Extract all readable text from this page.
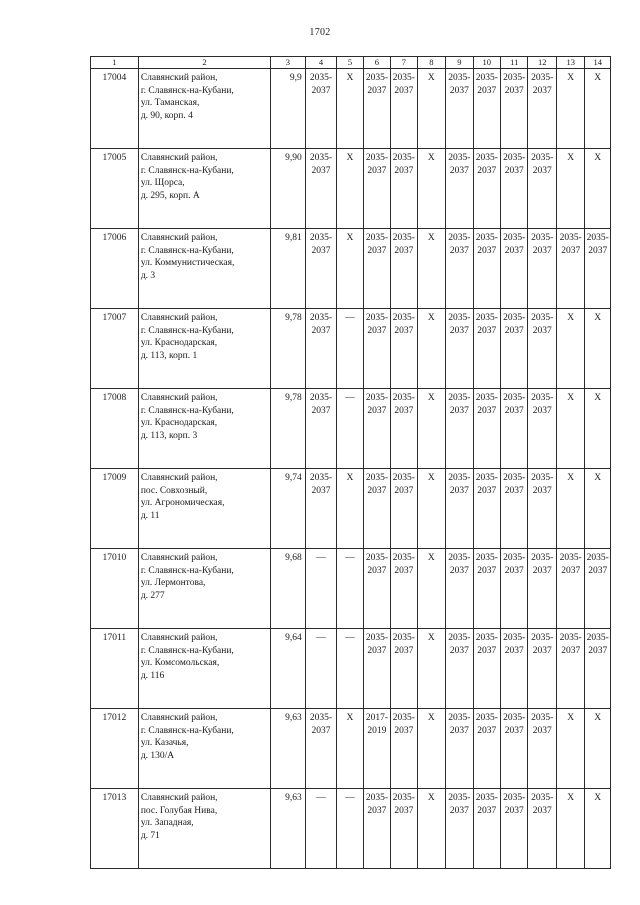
1702
1	2	3	4	5	6	7	8	9	10	11	12	13	14
17004	Славянский район,
г. Славянск-на-Кубани,
ул. Таманская,
д. 90, корп. 4	9,9	2035-
2037	X	2035-
2037	2035-
2037	X	2035-
2037	2035-
2037	2035-
2037	2035-
2037	X	X
17005	Славянский район,
г. Славянск-на-Кубани,
ул. Щорса,
д. 295, корп. А	9,90	2035-
2037	X	2035-
2037	2035-
2037	X	2035-
2037	2035-
2037	2035-
2037	2035-
2037	X	X
17006	Славянский район,
г. Славянск-на-Кубани,
ул. Коммунистическая,
д. 3	9,81	2035-
2037	X	2035-
2037	2035-
2037	X	2035-
2037	2035-
2037	2035-
2037	2035-
2037	2035-
2037	2035-
2037

17007	Славянский район,
г. Славянск-на-Кубани,
ул. Краснодарская,
д. 113, корп. 1	9,78	2035-
2037	—	2035-
2037	2035-
2037	X	2035-
2037	2035-
2037	2035-
2037	2035-
2037	X	X
17008	Славянский район,
г. Славянск-на-Кубани,
ул. Краснодарская,
д. 113, корп. 3	9,78	2035-
2037	—	2035-
2037	2035-
2037	X	2035-
2037	2035-
2037	2035-
2037	2035-
2037	X	X
17009	Славянский район,
пос. Совхозный,
ул. Агрономическая,
д. 11	9,74	2035-
2037	X	2035-
2037	2035-
2037	X	2035-
2037	2035-
2037	2035-
2037	2035-
2037	X	X
17010	Славянский район,
г. Славянск-на-Кубани,
ул. Лермонтова,
д. 277	9,68	—	—	2035-
2037	2035-
2037	X	2035-
2037	2035-
2037	2035-
2037	2035-
2037	2035-
2037	2035-
2037

17011	Славянский район,
г. Славянск-на-Кубани,
ул. Комсомольская,
д. 116	9,64	—	—	2035-
2037	2035-
2037	X	2035-
2037	2035-
2037	2035-
2037	2035-
2037	2035-
2037	2035-
2037

17012	Славянский район,
г. Славянск-на-Кубани,
ул. Казачья,
д. 130/А	9,63	2035-
2037	X	2017-
2019	2035-
2037	X	2035-
2037	2035-
2037	2035-
2037	2035-
2037	X	X
17013	Славянский район,
пос. Голубая Нива,
ул. Западная,
д. 71	9,63	—	—	2035-
2037	2035-
2037	X	2035-
2037	2035-
2037	2035-
2037	2035-
2037	X	X
